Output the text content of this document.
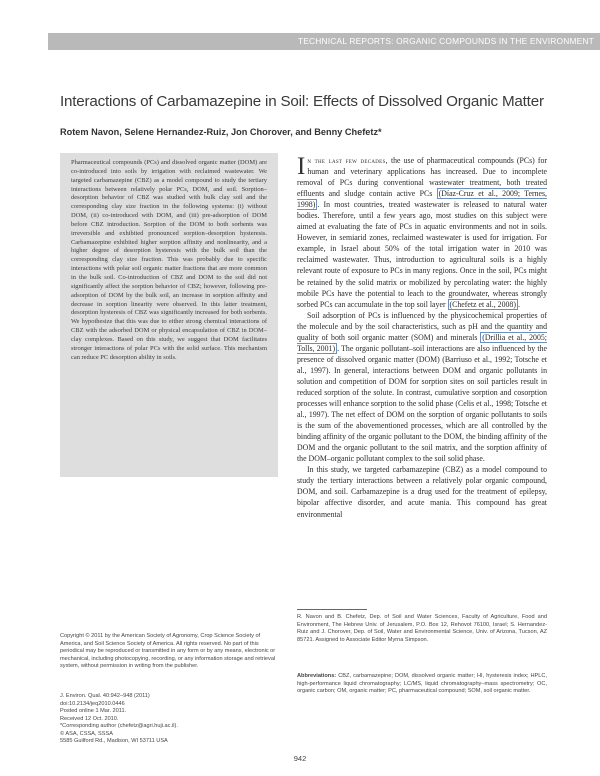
TECHNICAL REPORTS: ORGANIC COMPOUNDS IN THE ENVIRONMENT
Interactions of Carbamazepine in Soil: Effects of Dissolved Organic Matter

Rotem Navon, Selene Hernandez-Ruiz, Jon Chorover, and Benny Chefetz*

Pharmaceutical compounds (PCs) and dissolved organic matter (DOM) are co-introduced into soils by irrigation with reclaimed wastewater. We targeted carbamazepine (CBZ) as a model compound to study the tertiary interactions between relatively polar PCs, DOM, and soil. Sorption–desorption behavior of CBZ was studied with bulk clay soil and the corresponding clay size fraction in the following systems: (i) without DOM, (ii) co-introduced with DOM, and (iii) pre-adsorption of DOM before CBZ introduction. Sorption of the DOM to both sorbents was irreversible and exhibited pronounced sorption–desorption hysteresis. Carbamazepine exhibited higher sorption affinity and nonlinearity, and a higher degree of desorption hysteresis with the bulk soil than the corresponding clay size fraction. This was probably due to specific interactions with polar soil organic matter fractions that are more common in the bulk soil. Co-introduction of CBZ and DOM to the soil did not significantly affect the sorption behavior of CBZ; however, following pre-adsorption of DOM by the bulk soil, an increase in sorption affinity and decrease in sorption linearity were observed. In this latter treatment, desorption hysteresis of CBZ was significantly increased for both sorbents. We hypothesize that this was due to either strong chemical interactions of CBZ with the adsorbed DOM or physical encapsulation of CBZ in DOM–clay complexes. Based on this study, we suggest that DOM facilitates stronger interactions of polar PCs with the solid surface. This mechanism can reduce PC desorption ability in soils.

Copyright © 2011 by the American Society of Agronomy, Crop Science Society of America, and Soil Science Society of America. All rights reserved. No part of this periodical may be reproduced or transmitted in any form or by any means, electronic or mechanical, including photocopying, recording, or any information storage and retrieval system, without permission in writing from the publisher.

J. Environ. Qual. 40:942–948 (2011)
doi:10.2134/jeq2010.0446
Posted online 1 Mar. 2011.
Received 12 Oct. 2010.
*Corresponding author (chefetz@agri.huji.ac.il).
© ASA, CSSA, SSSA
5585 Guilford Rd., Madison, WI 53711 USA

In the last few decades, the use of pharmaceutical compounds (PCs) for human and veterinary applications has increased. Due to incomplete removal of PCs during conventional wastewater treatment, both treated effluents and sludge contain active PCs (Díaz-Cruz et al., 2009; Ternes, 1998) . In most countries, treated wastewater is released to natural water bodies. Therefore, until a few years ago, most studies on this subject were aimed at evaluating the fate of PCs in aquatic environments and not in soils. However, in semiarid zones, reclaimed wastewater is used for irrigation. For example, in Israel about 50% of the total irrigation water in 2010 was reclaimed wastewater. Thus, introduction to agricultural soils is a highly relevant route of exposure to PCs in many regions. Once in the soil, PCs might be retained by the solid matrix or mobilized by percolating water: the highly mobile PCs have the potential to leach to the groundwater, whereas strongly sorbed PCs can accumulate in the top soil layer (Chefetz et al., 2008) .

Soil adsorption of PCs is influenced by the physicochemical properties of the molecule and by the soil characteristics, such as pH and the quantity and quality of both soil organic matter (SOM) and minerals (Drillia et al., 2005; Tolls, 2001) . The organic pollutant–soil interactions are also influenced by the presence of dissolved organic matter (DOM) (Barriuso et al., 1992; Totsche et al., 1997). In general, interactions between DOM and organic pollutants in solution and competition of DOM for sorption sites on soil particles result in reduced sorption of the solute. In contrast, cumulative sorption and cosorption processes will enhance sorption to the solid phase (Celis et al., 1998; Totsche et al., 1997). The net effect of DOM on the sorption of organic pollutants to soils is the sum of the abovementioned processes, which are all controlled by the binding affinity of the organic pollutant to the DOM, the binding affinity of the DOM and the organic pollutant to the soil matrix, and the sorption affinity of the DOM–organic pollutant complex to the soil solid phase.

In this study, we targeted carbamazepine (CBZ) as a model compound to study the tertiary interactions between a relatively polar organic compound, DOM, and soil. Carbamazepine is a drug used for the treatment of epilepsy, bipolar affective disorder, and acute mania. This compound has great environmental

R. Navon and B. Chefetz, Dep. of Soil and Water Sciences, Faculty of Agriculture, Food and Environment, The Hebrew Univ. of Jerusalem, P.O. Box 12, Rehovot 76100, Israel; S. Hernandez-Ruiz and J. Chorover, Dep. of Soil, Water and Environmental Science, Univ. of Arizona, Tucson, AZ 85721. Assigned to Associate Editor Myrna Simpson.

Abbreviations: CBZ, carbamazepine; DOM, dissolved organic matter; HI, hysteresis index; HPLC, high-performance liquid chromatography; LC/MS, liquid chromatography–mass spectrometry; OC, organic carbon; OM, organic matter; PC, pharmaceutical compound; SOM, soil organic matter.

942
